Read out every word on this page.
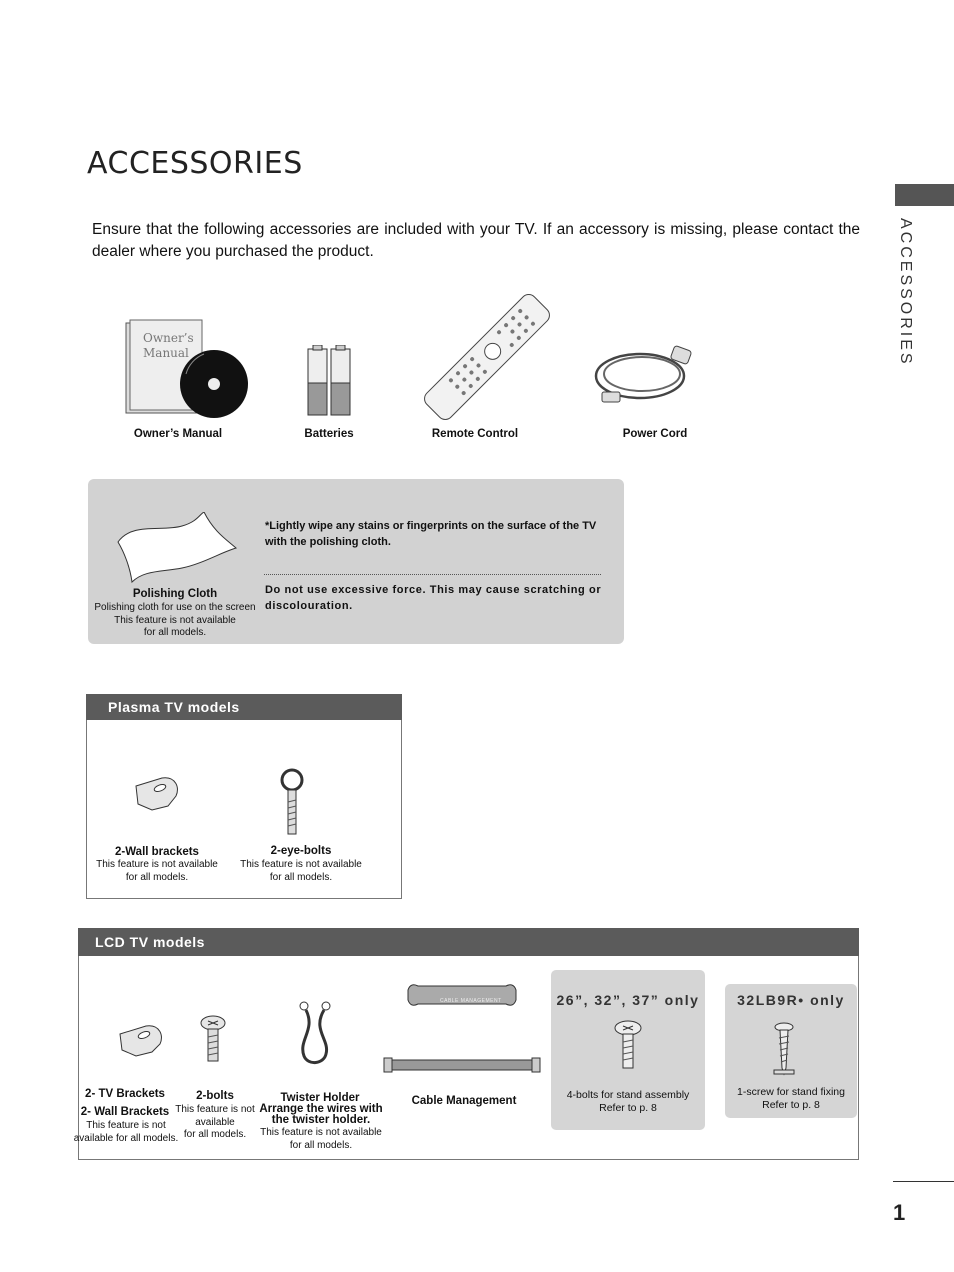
ACCESSORIES
ACCESSORIES
Ensure that the following accessories are included with your TV. If an accessory is missing, please contact the dealer where you purchased the product.
Owner’s
Manual
Owner’s Manual	Batteries	Remote Control	Power Cord
Polishing Cloth
Polishing cloth for use on the screen
This feature is not available
for all models.
*Lightly wipe any stains or fingerprints on the surface of the TV with the polishing cloth.
Do not use excessive force. This may cause scratching or discolouration.
Plasma TV models
2-Wall brackets
This feature is not available
for all models.
2-eye-bolts
This feature is not available
for all models.
LCD TV models
2- TV Brackets
2- Wall Brackets
This feature is not
available for all models.
2-bolts
This feature is not
available
for all models.
Twister Holder
Arrange the wires with
the twister holder.
This feature is not available
for all models.
CABLE MANAGEMENT
Cable Management
26”, 32”, 37” only
4-bolts for stand assembly
Refer to p. 8
32LB9R• only
1-screw for stand fixing
Refer to p. 8
1
